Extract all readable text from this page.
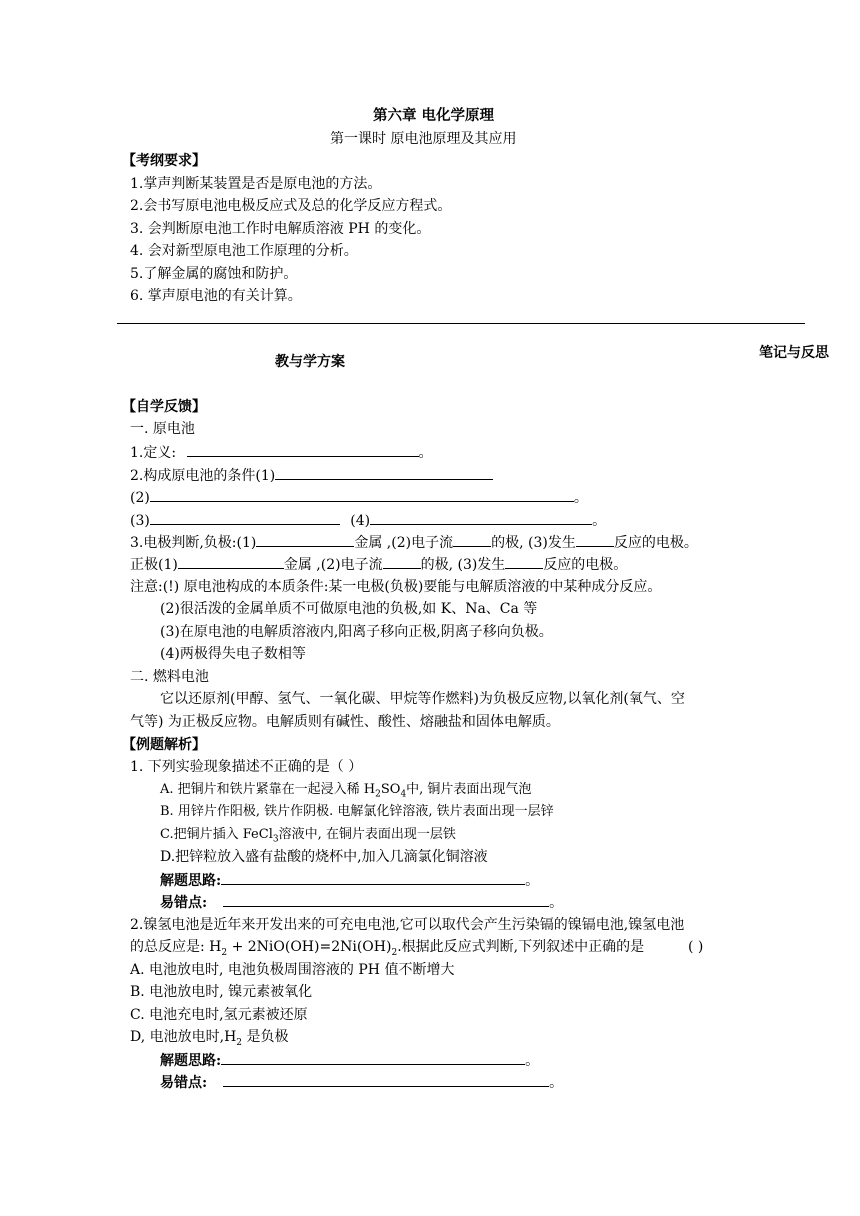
第六章 电化学原理
第一课时 原电池原理及其应用
【考纲要求】
1.掌声判断某装置是否是原电池的方法。
2.会书写原电池电极反应式及总的化学反应方程式。
3. 会判断原电池工作时电解质溶液 PH 的变化。
4. 会对新型原电池工作原理的分析。
5.了解金属的腐蚀和防护。
6. 掌声原电池的有关计算。
教与学方案
笔记与反思
【自学反馈】
一. 原电池
1.定义:	。
2.构成原电池的条件(1)
(2)	。
(3)	(4)	。
3.电极判断,负极:(1)	金属 ,(2)电子流	的极, (3)发生	反应的电极。
正极(1)	金属 ,(2)电子流	的极, (3)发生	反应的电极。
注意:(!) 原电池构成的本质条件:某一电极(负极)要能与电解质溶液的中某种成分反应。
(2)很活泼的金属单质不可做原电池的负极,如 K、Na、Ca 等
(3)在原电池的电解质溶液内,阳离子移向正极,阴离子移向负极。
(4)两极得失电子数相等
二. 燃料电池
它以还原剂(甲醇、氢气、一氧化碳、甲烷等作燃料)为负极反应物,以氧化剂(氧气、空
气等) 为正极反应物。电解质则有碱性、酸性、熔融盐和固体电解质。
【例题解析】
1. 下列实验现象描述不正确的是（ ）
A. 把铜片和铁片紧靠在一起浸入稀 $H_2SO_4$中, 铜片表面出现气泡
B. 用锌片作阳极, 铁片作阴极. 电解氯化锌溶液, 铁片表面出现一层锌
C.把铜片插入 FeCl$_3$溶液中, 在铜片表面出现一层铁
D.把锌粒放入盛有盐酸的烧杯中,加入几滴氯化铜溶液
解题思路:	。
易错点:	。
2.镍氢电池是近年来开发出来的可充电电池,它可以取代会产生污染镉的镍镉电池,镍氢电池
的总反应是: $H_2 + 2NiO(OH)=2Ni(OH)_2$.根据此反应式判断,下列叙述中正确的是	( )
A. 电池放电时, 电池负极周围溶液的 PH 值不断增大
B. 电池放电时, 镍元素被氧化
C. 电池充电时,氢元素被还原
D, 电池放电时$,H_2$ 是负极
解题思路:	。
易错点:	。
